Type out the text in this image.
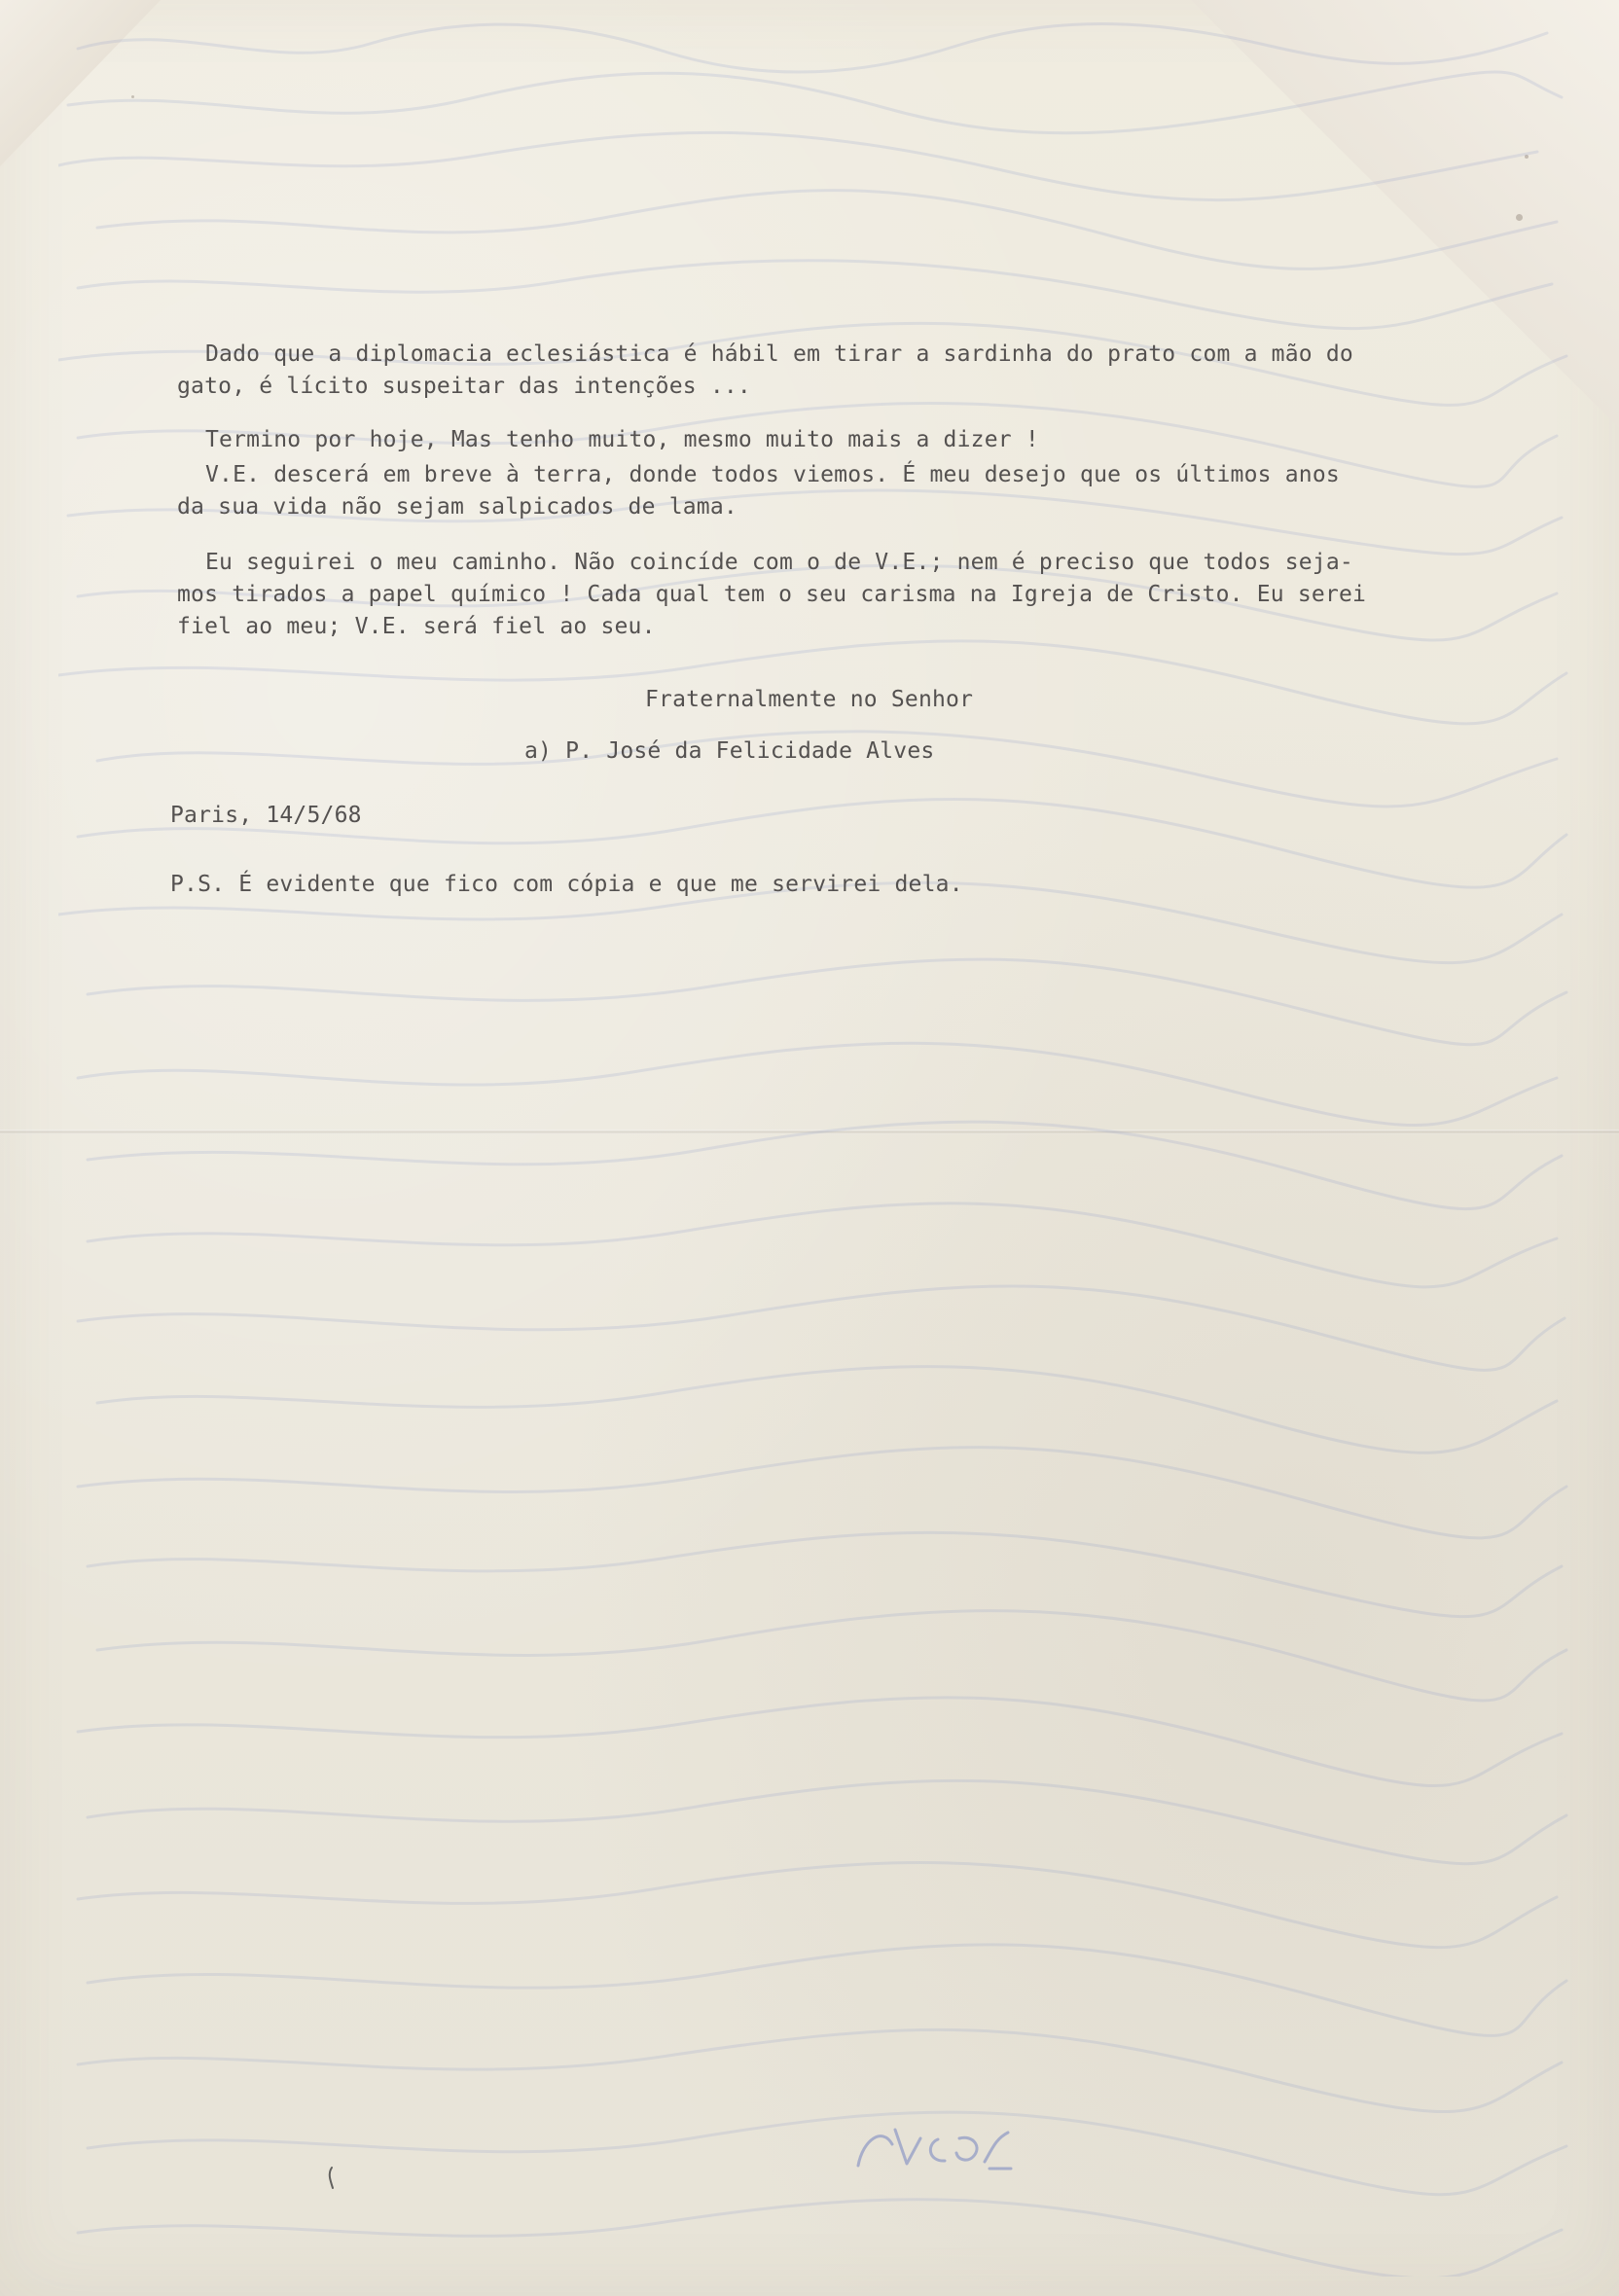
Dado que a diplomacia eclesiástica é hábil em tirar a sardinha do prato com a mão do
gato, é lícito suspeitar das intenções ...
Termino por hoje, Mas tenho muito, mesmo muito mais a dizer !
V.E. descerá em breve à terra, donde todos viemos. É meu desejo que os últimos anos
da sua vida não sejam salpicados de lama.
Eu seguirei o meu caminho. Não coincíde com o de V.E.; nem é preciso que todos seja-
mos tirados a papel químico ! Cada qual tem o seu carisma na Igreja de Cristo. Eu serei
fiel ao meu; V.E. será fiel ao seu.
Fraternalmente no Senhor
a) P. José da Felicidade Alves
Paris, 14/5/68
P.S. É evidente que fico com cópia e que me servirei dela.
